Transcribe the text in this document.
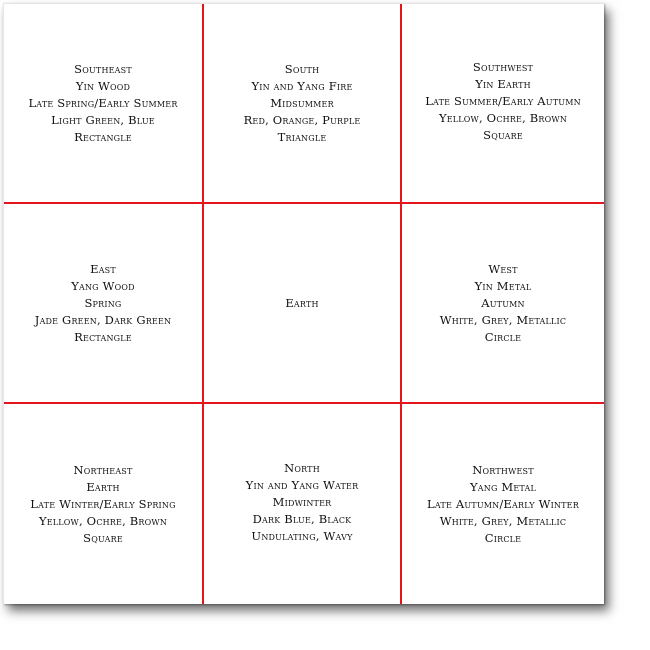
Southeast
Yin Wood
Late Spring/Early Summer
Light Green, Blue
Rectangle
South
Yin and Yang Fire
Midsummer
Red, Orange, Purple
Triangle
Southwest
Yin Earth
Late Summer/Early Autumn
Yellow, Ochre, Brown
Square
East
Yang Wood
Spring
Jade Green, Dark Green
Rectangle
Earth
West
Yin Metal
Autumn
White, Grey, Metallic
Circle
Northeast
Earth
Late Winter/Early Spring
Yellow, Ochre, Brown
Square
North
Yin and Yang Water
Midwinter
Dark Blue, Black
Undulating, Wavy
Northwest
Yang Metal
Late Autumn/Early Winter
White, Grey, Metallic
Circle
